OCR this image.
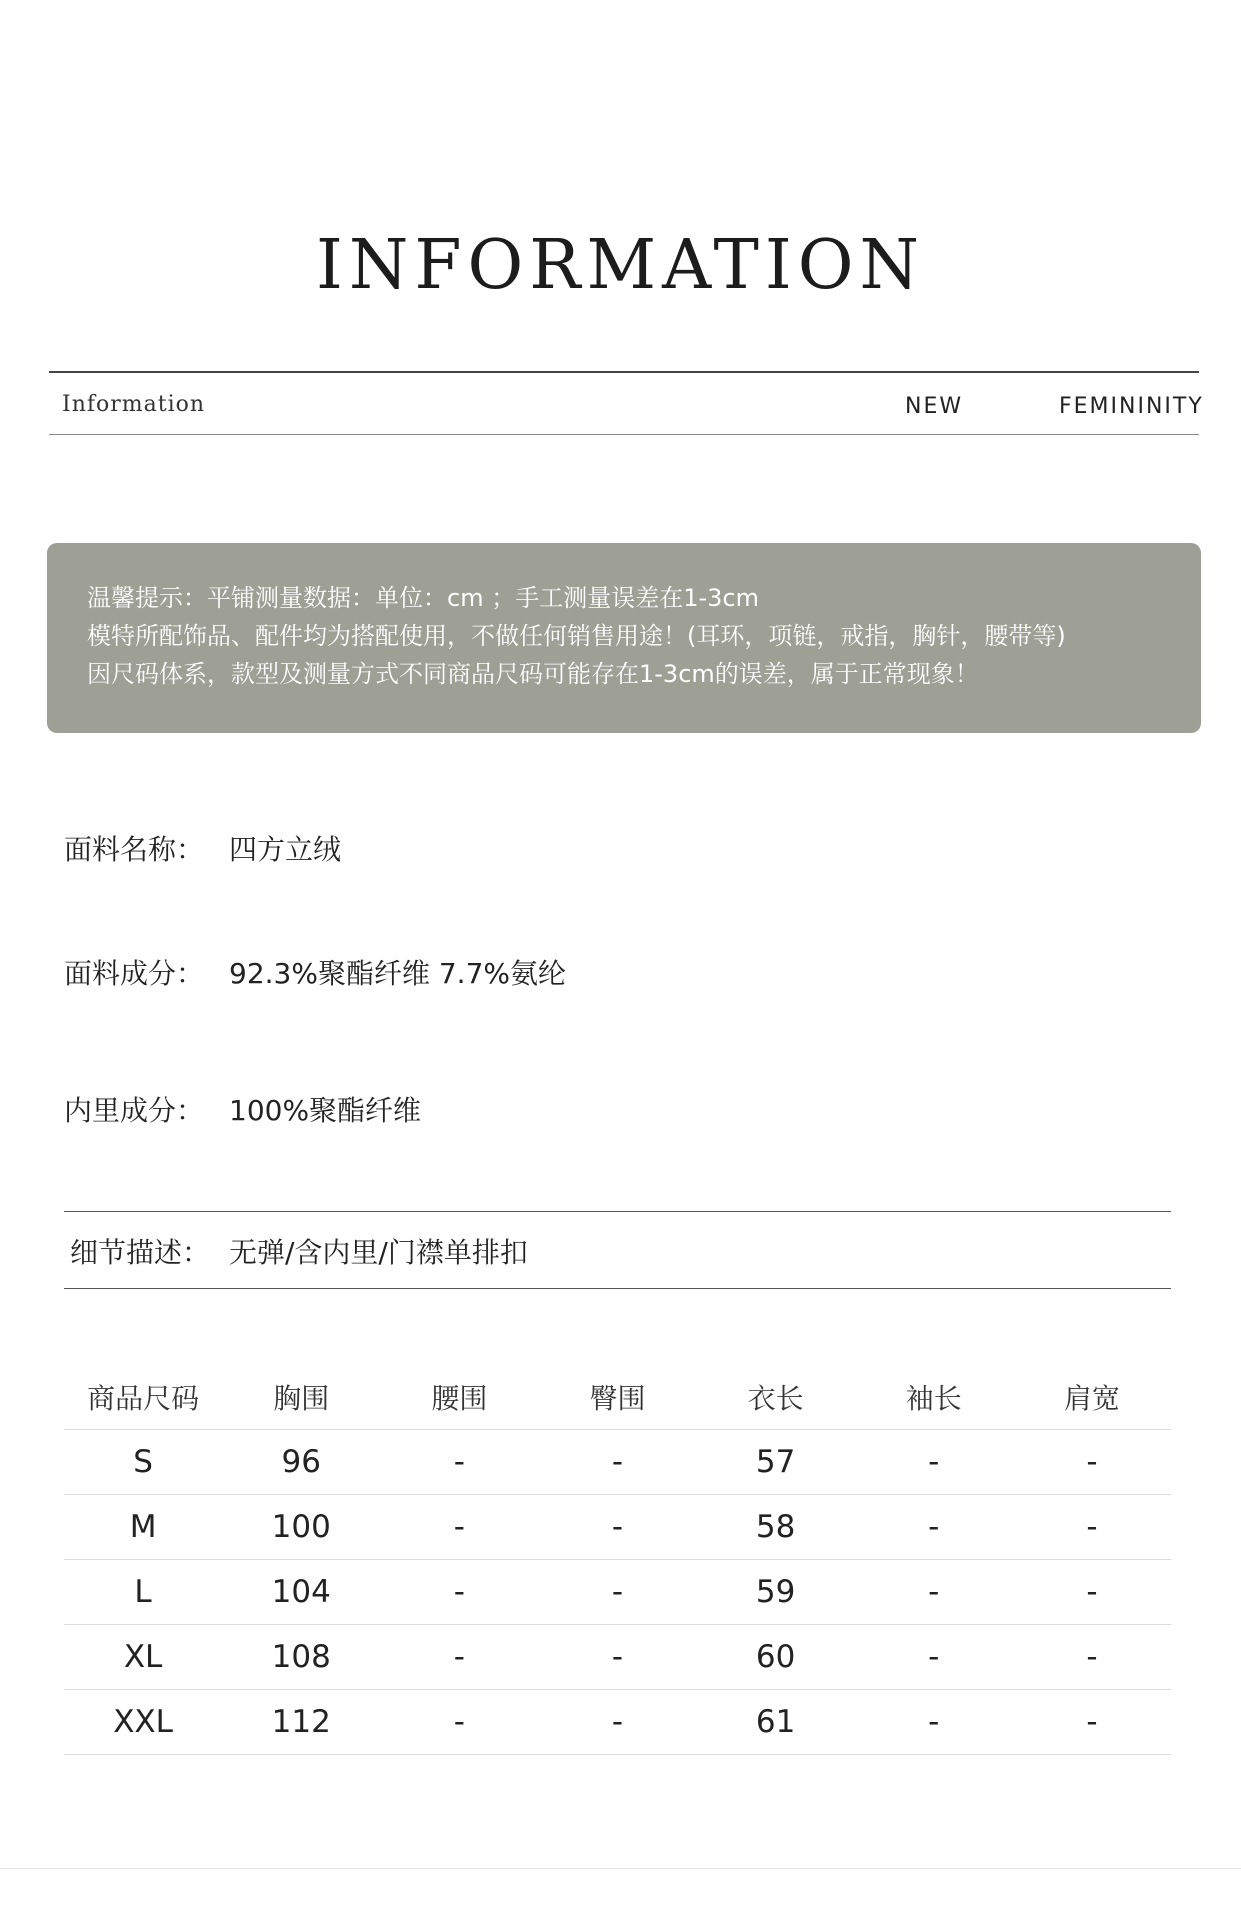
INFORMATION
Information	NEW	FEMININITY
温馨提示：平铺测量数据：单位：cm ；手工测量误差在1-3cm
模特所配饰品、配件均为搭配使用，不做任何销售用途！(耳环，项链，戒指，胸针，腰带等)
因尺码体系，款型及测量方式不同商品尺码可能存在1-3cm的误差，属于正常现象！
面料名称： 四方立绒
面料成分： 92.3%聚酯纤维 7.7%氨纶
内里成分： 100%聚酯纤维
细节描述： 无弹/含内里/门襟单排扣
商品尺码	胸围	腰围	臀围	衣长	袖长	肩宽
S	96	-	-	57	-	-
M	100	-	-	58	-	-
L	104	-	-	59	-	-
XL	108	-	-	60	-	-
XXL	112	-	-	61	-	-
